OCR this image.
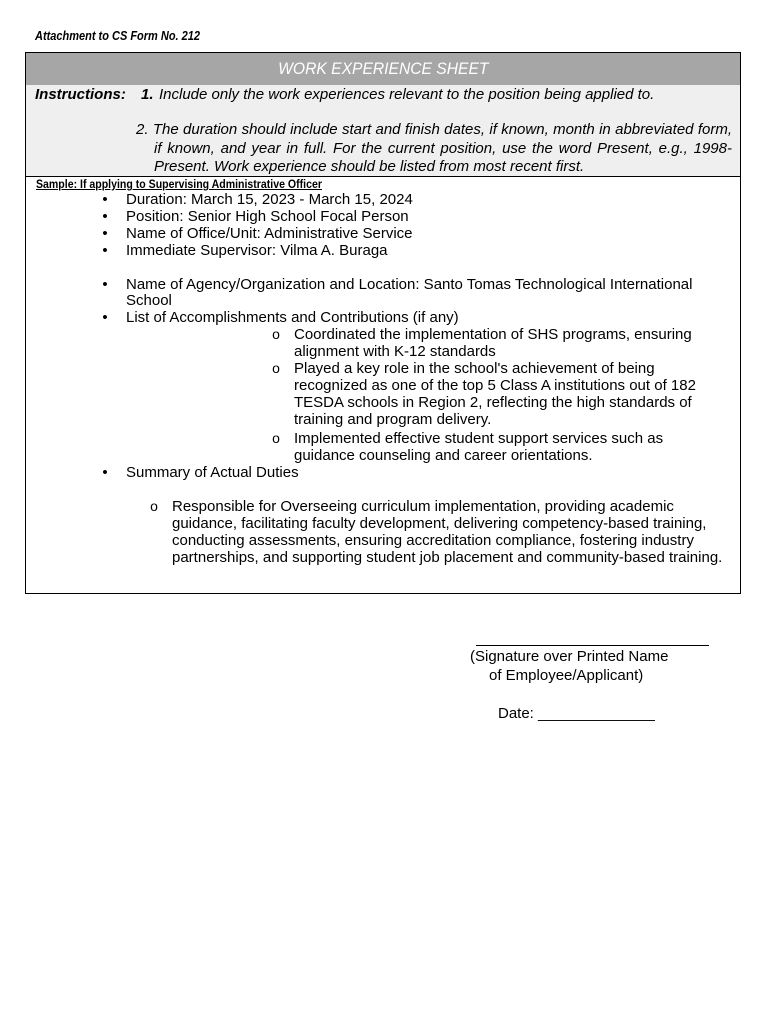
Attachment to CS Form No. 212
WORK EXPERIENCE SHEET
Instructions: 1. Include only the work experiences relevant to the position being applied to.
2. The duration should include start and finish dates, if known, month in abbreviated form, if known, and year in full. For the current position, use the word Present, e.g., 1998-Present. Work experience should be listed from most recent first.
Sample: If applying to Supervising Administrative Officer
• Duration: March 15, 2023 - March 15, 2024
• Position: Senior High School Focal Person
• Name of Office/Unit: Administrative Service
• Immediate Supervisor: Vilma A. Buraga
• Name of Agency/Organization and Location: Santo Tomas Technological International
School
• List of Accomplishments and Contributions (if any)
o Coordinated the implementation of SHS programs, ensuring alignment with K-12 standards
o Played a key role in the school's achievement of being recognized as one of the top 5 Class A institutions out of 182 TESDA schools in Region 2, reflecting the high standards of training and program delivery.
o Implemented effective student support services such as guidance counseling and career orientations.
• Summary of Actual Duties
o Responsible for Overseeing curriculum implementation, providing academic guidance, facilitating faculty development, delivering competency-based training, conducting assessments, ensuring accreditation compliance, fostering industry partnerships, and supporting student job placement and community-based training.
(Signature over Printed Name
of Employee/Applicant)
Date: ______________
